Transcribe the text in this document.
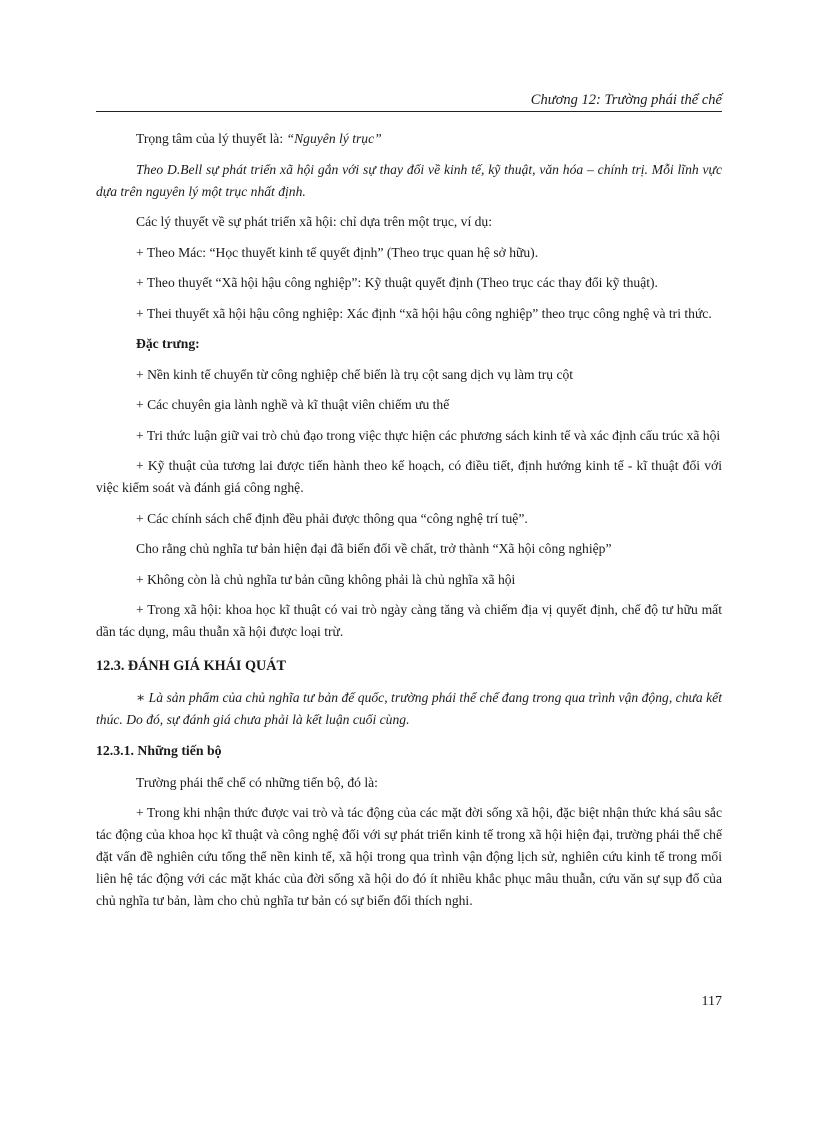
Chương 12: Trường phái thể chế

Trọng tâm của lý thuyết là: “Nguyên lý trục”

Theo D.Bell sự phát triển xã hội gắn với sự thay đổi về kinh tế, kỹ thuật, văn hóa – chính trị. Mỗi lĩnh vực dựa trên nguyên lý một trục nhất định.

Các lý thuyết về sự phát triển xã hội: chỉ dựa trên một trục, ví dụ:

+ Theo Mác: “Học thuyết kinh tế quyết định” (Theo trục quan hệ sở hữu).

+ Theo thuyết “Xã hội hậu công nghiệp”: Kỹ thuật quyết định (Theo trục các thay đổi kỹ thuật).

+ Thei thuyết xã hội hậu công nghiệp: Xác định “xã hội hậu công nghiệp” theo trục công nghệ và tri thức.

Đặc trưng:

+ Nền kinh tế chuyển từ công nghiệp chế biến là trụ cột sang dịch vụ làm trụ cột

+ Các chuyên gia lành nghề và kĩ thuật viên chiếm ưu thế

+ Tri thức luận giữ vai trò chủ đạo trong việc thực hiện các phương sách kinh tế và xác định cấu trúc xã hội

+ Kỹ thuật của tương lai được tiến hành theo kế hoạch, có điều tiết, định hướng kinh tế - kĩ thuật đối với việc kiểm soát và đánh giá công nghệ.

+ Các chính sách chế định đều phải được thông qua “công nghệ trí tuệ”.

Cho rằng chủ nghĩa tư bản hiện đại đã biến đổi về chất, trở thành “Xã hội công nghiệp”

+ Không còn là chủ nghĩa tư bản cũng không phải là chủ nghĩa xã hội

+ Trong xã hội: khoa học kĩ thuật có vai trò ngày càng tăng và chiếm địa vị quyết định, chế độ tư hữu mất dần tác dụng, mâu thuẫn xã hội được loại trừ.

12.3. ĐÁNH GIÁ KHÁI QUÁT

∗ Là sản phẩm của chủ nghĩa tư bản đế quốc, trường phái thể chế đang trong qua trình vận động, chưa kết thúc. Do đó, sự đánh giá chưa phải là kết luận cuối cùng.

12.3.1. Những tiến bộ

Trường phái thể chế có những tiến bộ, đó là:

+ Trong khi nhận thức được vai trò và tác động của các mặt đời sống xã hội, đặc biệt nhận thức khá sâu sắc tác động của khoa học kĩ thuật và công nghệ đối với sự phát triển kinh tế trong xã hội hiện đại, trường phái thể chế đặt vấn đề nghiên cứu tổng thể nền kinh tế, xã hội trong qua trình vận động lịch sử, nghiên cứu kinh tế trong mối liên hệ tác động với các mặt khác của đời sống xã hội do đó ít nhiều khắc phục mâu thuẫn, cứu văn sự sụp đổ của chủ nghĩa tư bản, làm cho chủ nghĩa tư bản có sự biến đổi thích nghi.

117
